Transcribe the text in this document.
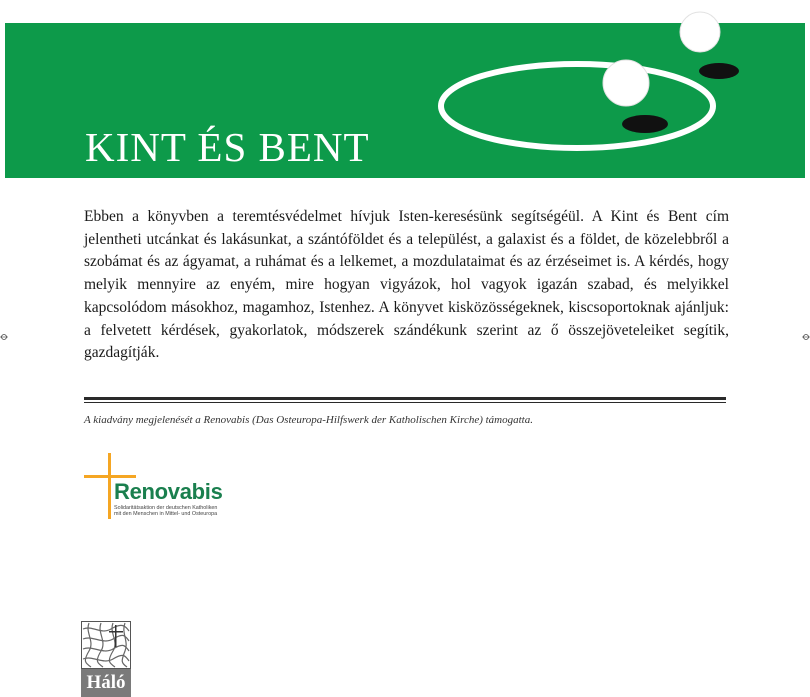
KINT ÉS BENT

Ebben a könyvben a teremtésvédelmet hívjuk Isten-keresésünk segítségéül. A Kint és Bent cím jelentheti utcánkat és lakásunkat, a szántóföldet és a települést, a galaxist és a földet, de közelebbről a szobámat és az ágyamat, a ruhámat és a lelkemet, a mozdulataimat és az érzéseimet is. A kérdés, hogy melyik mennyire az enyém, mire hogyan vigyázok, hol vagyok igazán szabad, és melyikkel kapcsolódom másokhoz, magamhoz, Istenhez. A könyvet kisközösségeknek, kiscsoportoknak ajánljuk: a felvetett kérdések, gyakorlatok, módszerek szándékunk szerint az ő összejöveteleiket segítik, gazdagítják.

A kiadvány megjelenését a Renovabis (Das Osteuropa-Hilfswerk der Katholischen Kirche) támogatta.

Renovabis
Solidaritätsaktion der deutschen Katholiken
mit den Menschen in Mittel- und Osteuropa
Háló
